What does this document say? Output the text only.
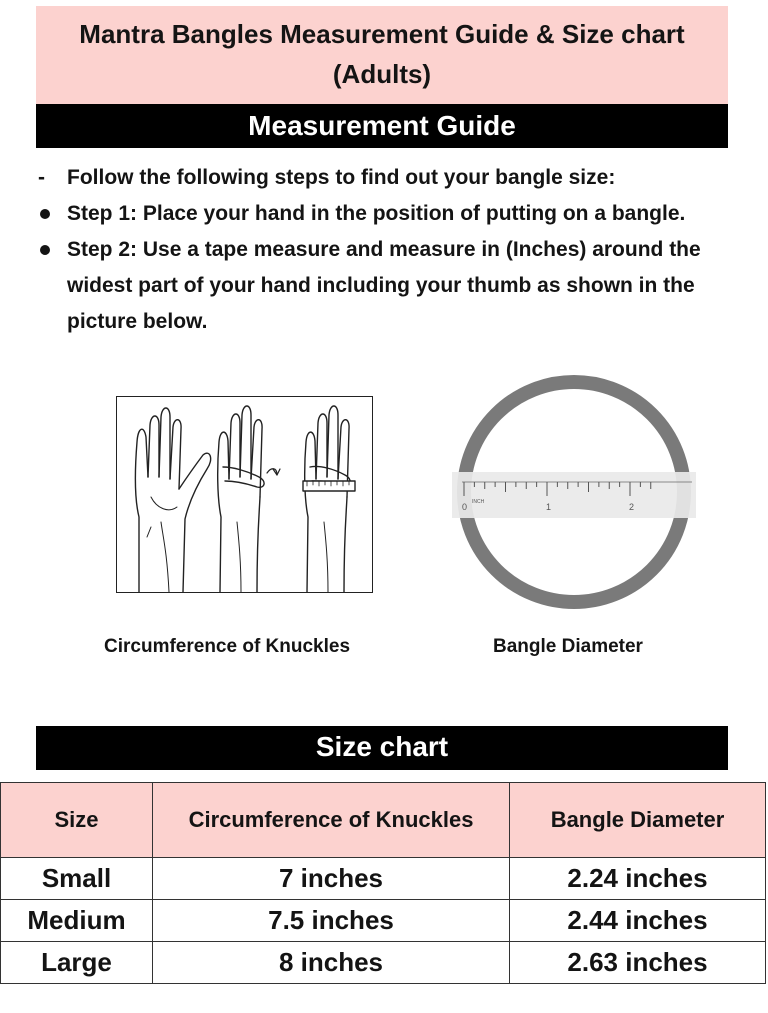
Mantra Bangles Measurement Guide & Size chart
(Adults)
Measurement Guide
-	Follow the following steps to find out your bangle size:
Step 1: Place your hand in the position of putting on a bangle.
Step 2: Use a tape measure and measure in (Inches) around the widest part of your hand including your thumb as shown in the picture below.
0 INCH	1	2
Circumference of Knuckles	Bangle Diameter
Size chart
Size	Circumference of Knuckles	Bangle Diameter
Small	7 inches	2.24 inches
Medium	7.5 inches	2.44 inches
Large	8 inches	2.63 inches
